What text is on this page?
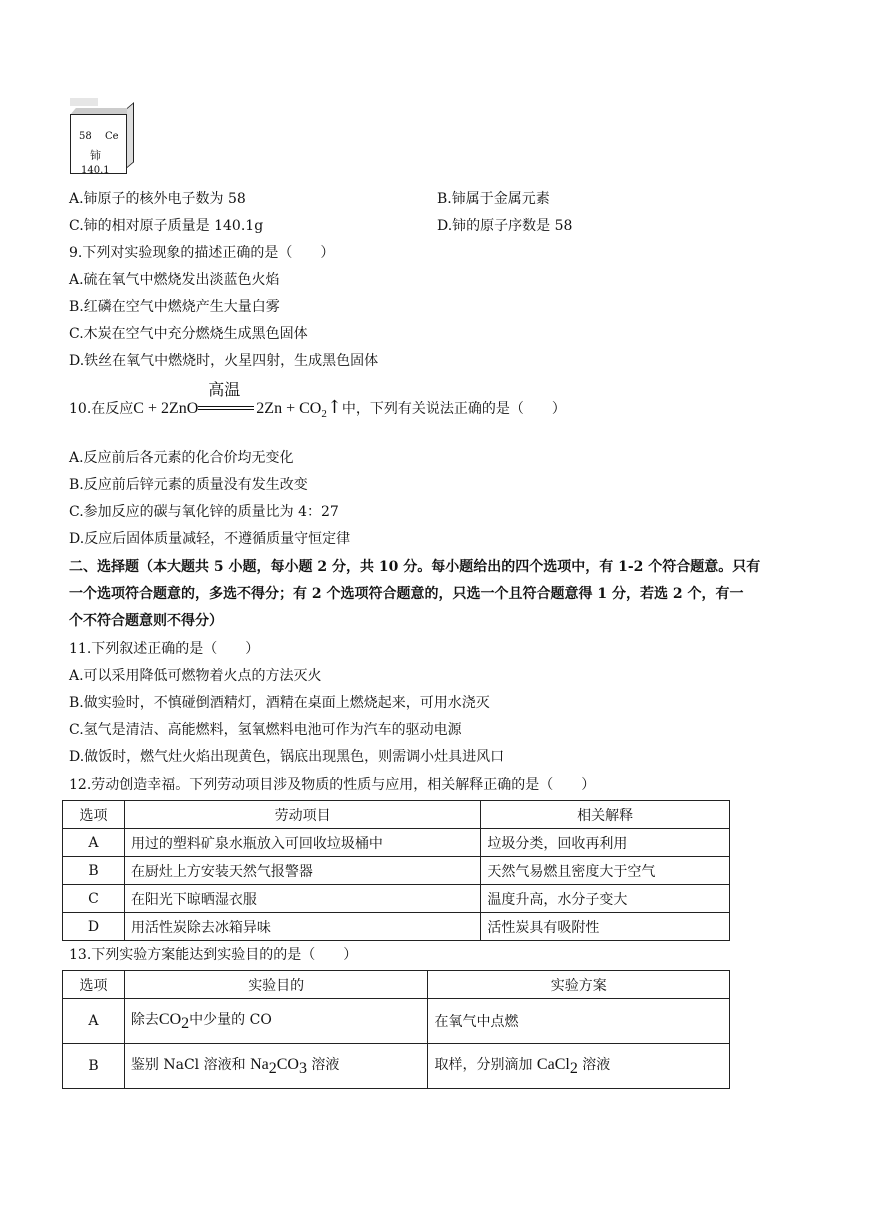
58 Ce
铈
140.1
A.铈原子的核外电子数为 58	B.铈属于金属元素
C.铈的相对原子质量是 140.1g	D.铈的原子序数是 58
9.下列对实验现象的描述正确的是（　　）
A.硫在氧气中燃烧发出淡蓝色火焰
B.红磷在空气中燃烧产生大量白雾
C.木炭在空气中充分燃烧生成黑色固体
D.铁丝在氧气中燃烧时，火星四射，生成黑色固体
10.在反应C + 2ZnO
高温
$2Zn + CO_2↑$中，下列有关说法正确的是（　　）
A.反应前后各元素的化合价均无变化
B.反应前后锌元素的质量没有发生改变
C.参加反应的碳与氧化锌的质量比为 4：27
D.反应后固体质量减轻，不遵循质量守恒定律
二、选择题（本大题共 5 小题，每小题 2 分，共 10 分。每小题给出的四个选项中，有 1-2 个符合题意。只有
一个选项符合题意的，多选不得分；有 2 个选项符合题意的，只选一个且符合题意得 1 分，若选 2 个，有一
个不符合题意则不得分）
11.下列叙述正确的是（　　）
A.可以采用降低可燃物着火点的方法灭火
B.做实验时，不慎碰倒酒精灯，酒精在桌面上燃烧起来，可用水浇灭
C.氢气是清洁、高能燃料，氢氧燃料电池可作为汽车的驱动电源
D.做饭时，燃气灶火焰出现黄色，锅底出现黑色，则需调小灶具进风口
12.劳动创造幸福。下列劳动项目涉及物质的性质与应用，相关解释正确的是（　　）
选项	劳动项目	相关解释
A	用过的塑料矿泉水瓶放入可回收垃圾桶中	垃圾分类，回收再利用
B	在厨灶上方安装天然气报警器	天然气易燃且密度大于空气
C	在阳光下晾晒湿衣服	温度升高，水分子变大
D	用活性炭除去冰箱异味	活性炭具有吸附性
13.下列实验方案能达到实验目的的是（　　）
选项	实验目的	实验方案
A	除去CO2中少量的 CO	在氧气中点燃
B	鉴别 NaCl 溶液和 Na2CO3 溶液	取样，分别滴加 CaCl2 溶液
